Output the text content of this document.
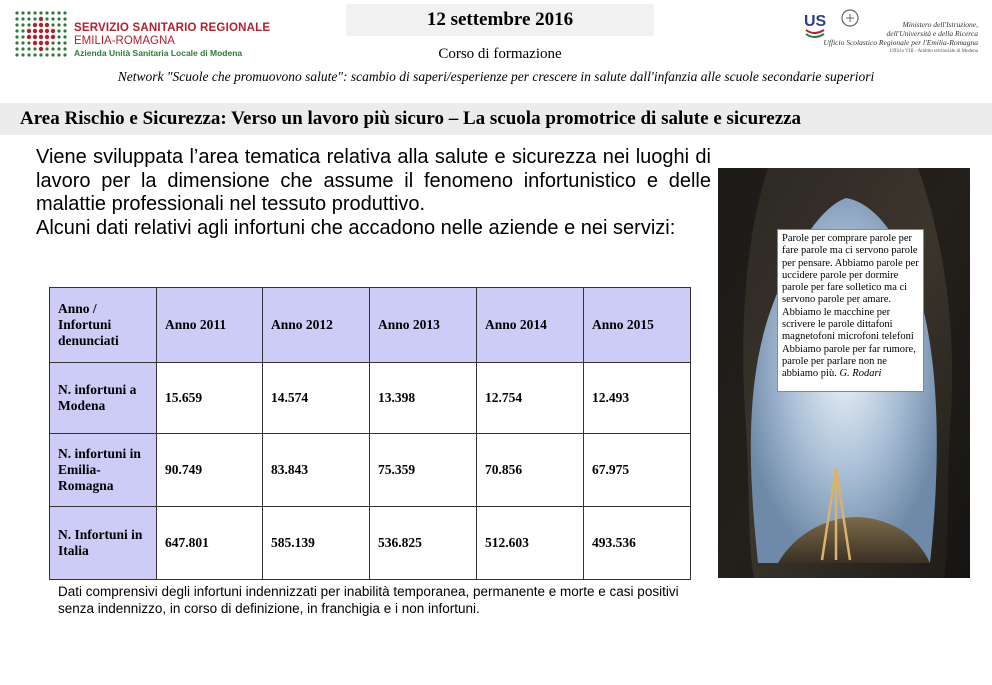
SERVIZIO SANITARIO REGIONALE
EMILIA-ROMAGNA
Azienda Unità Sanitaria Locale di Modena
12 settembre 2016
Corso di formazione
US	Ministero dell'Istruzione,
dell'Università e della Ricerca
Ufficio Scolastico Regionale per l'Emilia-Romagna
Ufficio VIII - Ambito territoriale di Modena
Network "Scuole che promuovono salute": scambio di saperi/esperienze per crescere in salute dall'infanzia alle scuole secondarie superiori
Area Rischio e Sicurezza: Verso un lavoro più sicuro – La scuola promotrice di salute e sicurezza
Viene sviluppata l’area tematica relativa alla salute e sicurezza nei luoghi di lavoro per la dimensione che assume il fenomeno infortunistico e delle malattie professionali nel tessuto produttivo.
Alcuni dati relativi agli infortuni che accadono nelle aziende e nei servizi:
Anno / Infortuni denunciati	Anno 2011	Anno 2012	Anno 2013	Anno 2014	Anno 2015
N. infortuni a Modena	15.659	14.574	13.398	12.754	12.493
N. infortuni in Emilia-Romagna	90.749	83.843	75.359	70.856	67.975
N. Infortuni in Italia	647.801	585.139	536.825	512.603	493.536
Dati comprensivi degli infortuni indennizzati per inabilità temporanea, permanente e morte e casi positivi senza indennizzo, in corso di definizione, in franchigia e i non infortuni.
Parole per comprare parole per fare parole ma ci servono parole per pensare. Abbiamo parole per uccidere parole per dormire parole per fare solletico ma ci servono parole per amare. Abbiamo le macchine per scrivere le parole dittafoni magnetofoni microfoni telefoni Abbiamo parole per far rumore, parole per parlare non ne abbiamo più. G. Rodari
